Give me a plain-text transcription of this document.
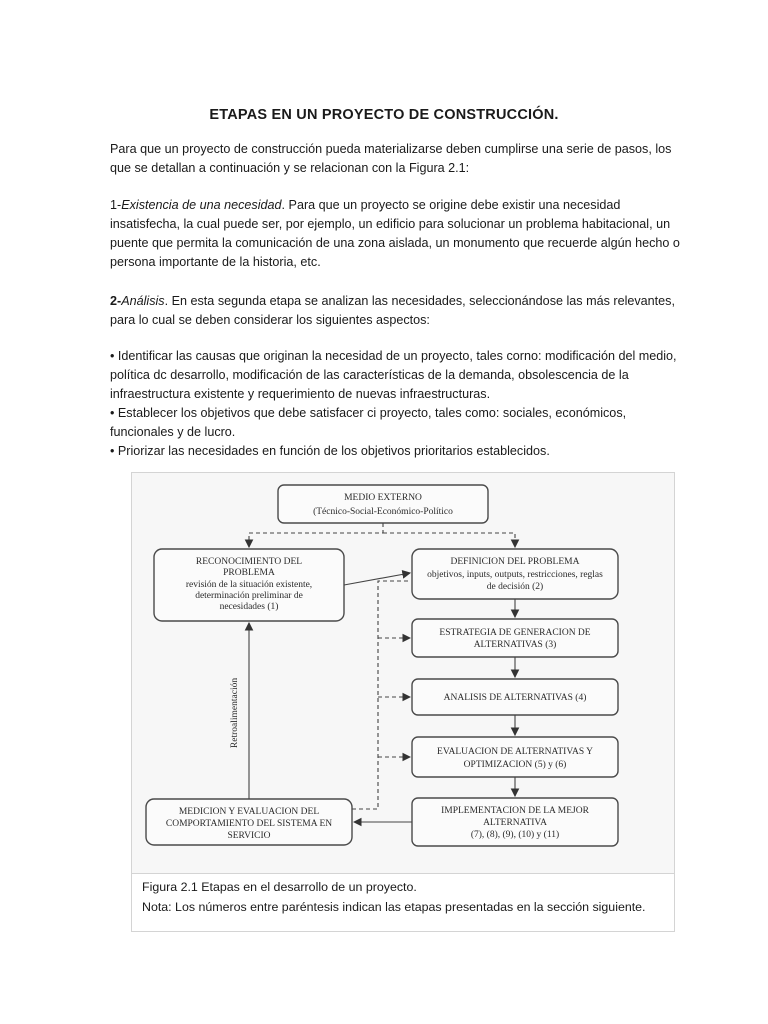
ETAPAS EN UN PROYECTO DE CONSTRUCCIÓN.
Para que un proyecto de construcción pueda materializarse deben cumplirse una serie de pasos, los que se detallan a continuación y se relacionan con la Figura 2.1:
1-Existencia de una necesidad. Para que un proyecto se origine debe existir una necesidad insatisfecha, la cual puede ser, por ejemplo, un edificio para solucionar un problema habitacional, un puente que permita la comunicación de una zona aislada, un monumento que recuerde algún hecho o persona importante de la historia, etc.
2-Análisis. En esta segunda etapa se analizan las necesidades, seleccionándose las más relevantes, para lo cual se deben considerar los siguientes aspectos:
• Identificar las causas que originan la necesidad de un proyecto, tales corno: modificación del medio, política dc desarrollo, modificación de las características de la demanda, obsolescencia de la infraestructura existente y requerimiento de nuevas infraestructuras.
• Establecer los objetivos que debe satisfacer ci proyecto, tales como: sociales, económicos, funcionales y de lucro.
• Priorizar las necesidades en función de los objetivos prioritarios establecidos.
MEDIO EXTERNO
(Técnico-Social-Económico-Político
RECONOCIMIENTO DEL
PROBLEMA
revisión de la situación existente,
determinación preliminar de
necesidades (1)
DEFINICION DEL PROBLEMA
objetivos, inputs, outputs, restricciones, reglas
de decisión (2)
ESTRATEGIA DE GENERACION DE
ALTERNATIVAS (3)
ANALISIS DE ALTERNATIVAS (4)
EVALUACION DE ALTERNATIVAS Y
OPTIMIZACION (5) y (6)
IMPLEMENTACION DE LA MEJOR
ALTERNATIVA
(7), (8), (9), (10) y (11)
MEDICION Y EVALUACION DEL
COMPORTAMIENTO DEL SISTEMA EN
SERVICIO
Retroalimentación
Figura 2.1 Etapas en el desarrollo de un proyecto.
Nota: Los números entre paréntesis indican las etapas presentadas en la sección siguiente.
